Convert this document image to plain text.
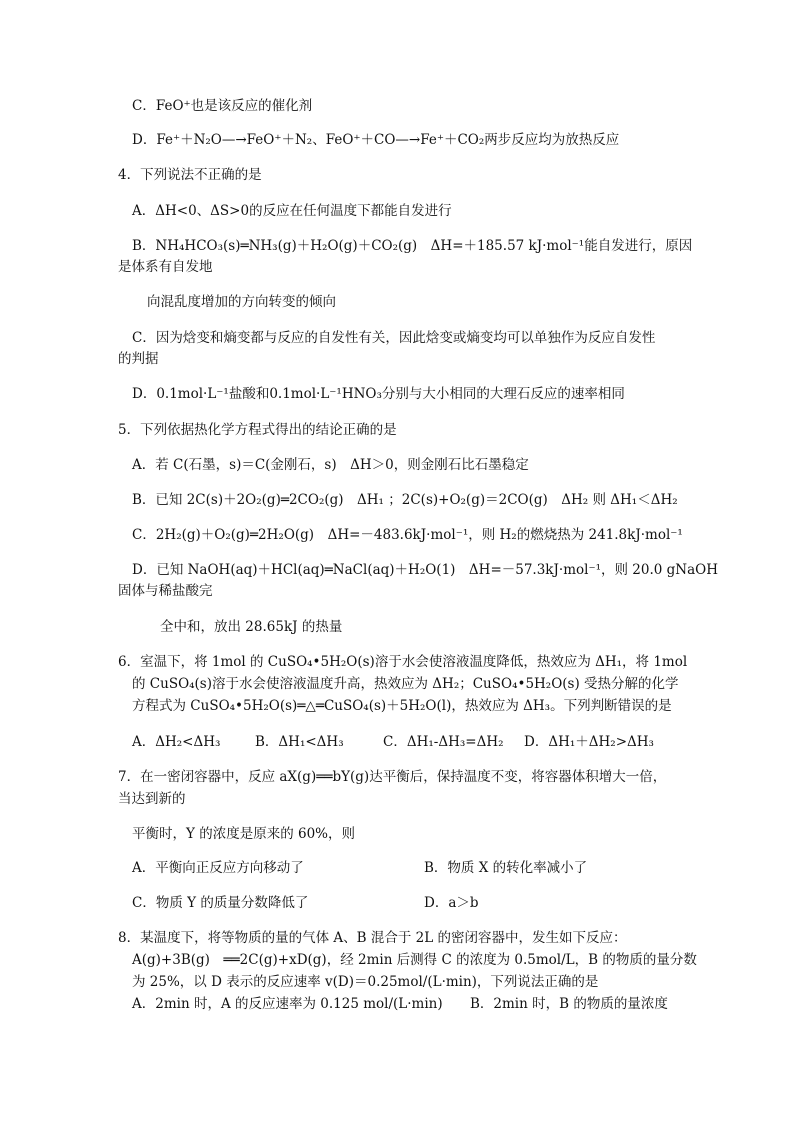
C．FeO⁺也是该反应的催化剂
D．Fe⁺＋N₂O—→FeO⁺＋N₂、FeO⁺＋CO—→Fe⁺＋CO₂两步反应均为放热反应
4．下列说法不正确的是
A．ΔH<0、ΔS>0的反应在任何温度下都能自发进行
B．NH₄HCO₃(s)═NH₃(g)＋H₂O(g)＋CO₂(g)　ΔH=＋185.57 kJ·mol⁻¹能自发进行，原因
是体系有自发地
向混乱度增加的方向转变的倾向
C．因为焓变和熵变都与反应的自发性有关，因此焓变或熵变均可以单独作为反应自发性
的判据
D．0.1mol·L⁻¹盐酸和0.1mol·L⁻¹HNO₃分别与大小相同的大理石反应的速率相同
5．下列依据热化学方程式得出的结论正确的是
A．若 C(石墨，s)＝C(金刚石，s)　ΔH＞0，则金刚石比石墨稳定
B．已知 2C(s)＋2O₂(g)═2CO₂(g)　ΔH₁ ；2C(s)+O₂(g)＝2CO(g)　ΔH₂ 则 ΔH₁＜ΔH₂
C．2H₂(g)＋O₂(g)═2H₂O(g)　ΔH=－483.6kJ·mol⁻¹，则 H₂的燃烧热为 241.8kJ·mol⁻¹
D．已知 NaOH(aq)＋HCl(aq)═NaCl(aq)＋H₂O(1)　ΔH=－57.3kJ·mol⁻¹，则 20.0 gNaOH
固体与稀盐酸完
全中和，放出 28.65kJ 的热量
6．室温下，将 1mol 的 CuSO₄•5H₂O(s)溶于水会使溶液温度降低，热效应为 ΔH₁，将 1mol
的 CuSO₄(s)溶于水会使溶液温度升高，热效应为 ΔH₂；CuSO₄•5H₂O(s) 受热分解的化学
方程式为 CuSO₄•5H₂O(s)═△═CuSO₄(s)＋5H₂O(l)，热效应为 ΔH₃。下列判断错误的是
A．ΔH₂<ΔH₃	B．ΔH₁<ΔH₃	C．ΔH₁-ΔH₃=ΔH₂ D．ΔH₁＋ΔH₂>ΔH₃
7．在一密闭容器中，反应 aX(g)══bY(g)达平衡后，保持温度不变，将容器体积增大一倍，
当达到新的
平衡时，Y 的浓度是原来的 60%，则
A．平衡向正反应方向移动了	B．物质 X 的转化率减小了
C．物质 Y 的质量分数降低了	D．a＞b
8．某温度下，将等物质的量的气体 A、B 混合于 2L 的密闭容器中，发生如下反应：
A(g)+3B(g)　══2C(g)+xD(g)，经 2min 后测得 C 的浓度为 0.5mol/L，B 的物质的量分数
为 25%，以 D 表示的反应速率 v(D)＝0.25mol/(L·min)，下列说法正确的是
A．2min 时，A 的反应速率为 0.125 mol/(L·min) B．2min 时，B 的物质的量浓度
